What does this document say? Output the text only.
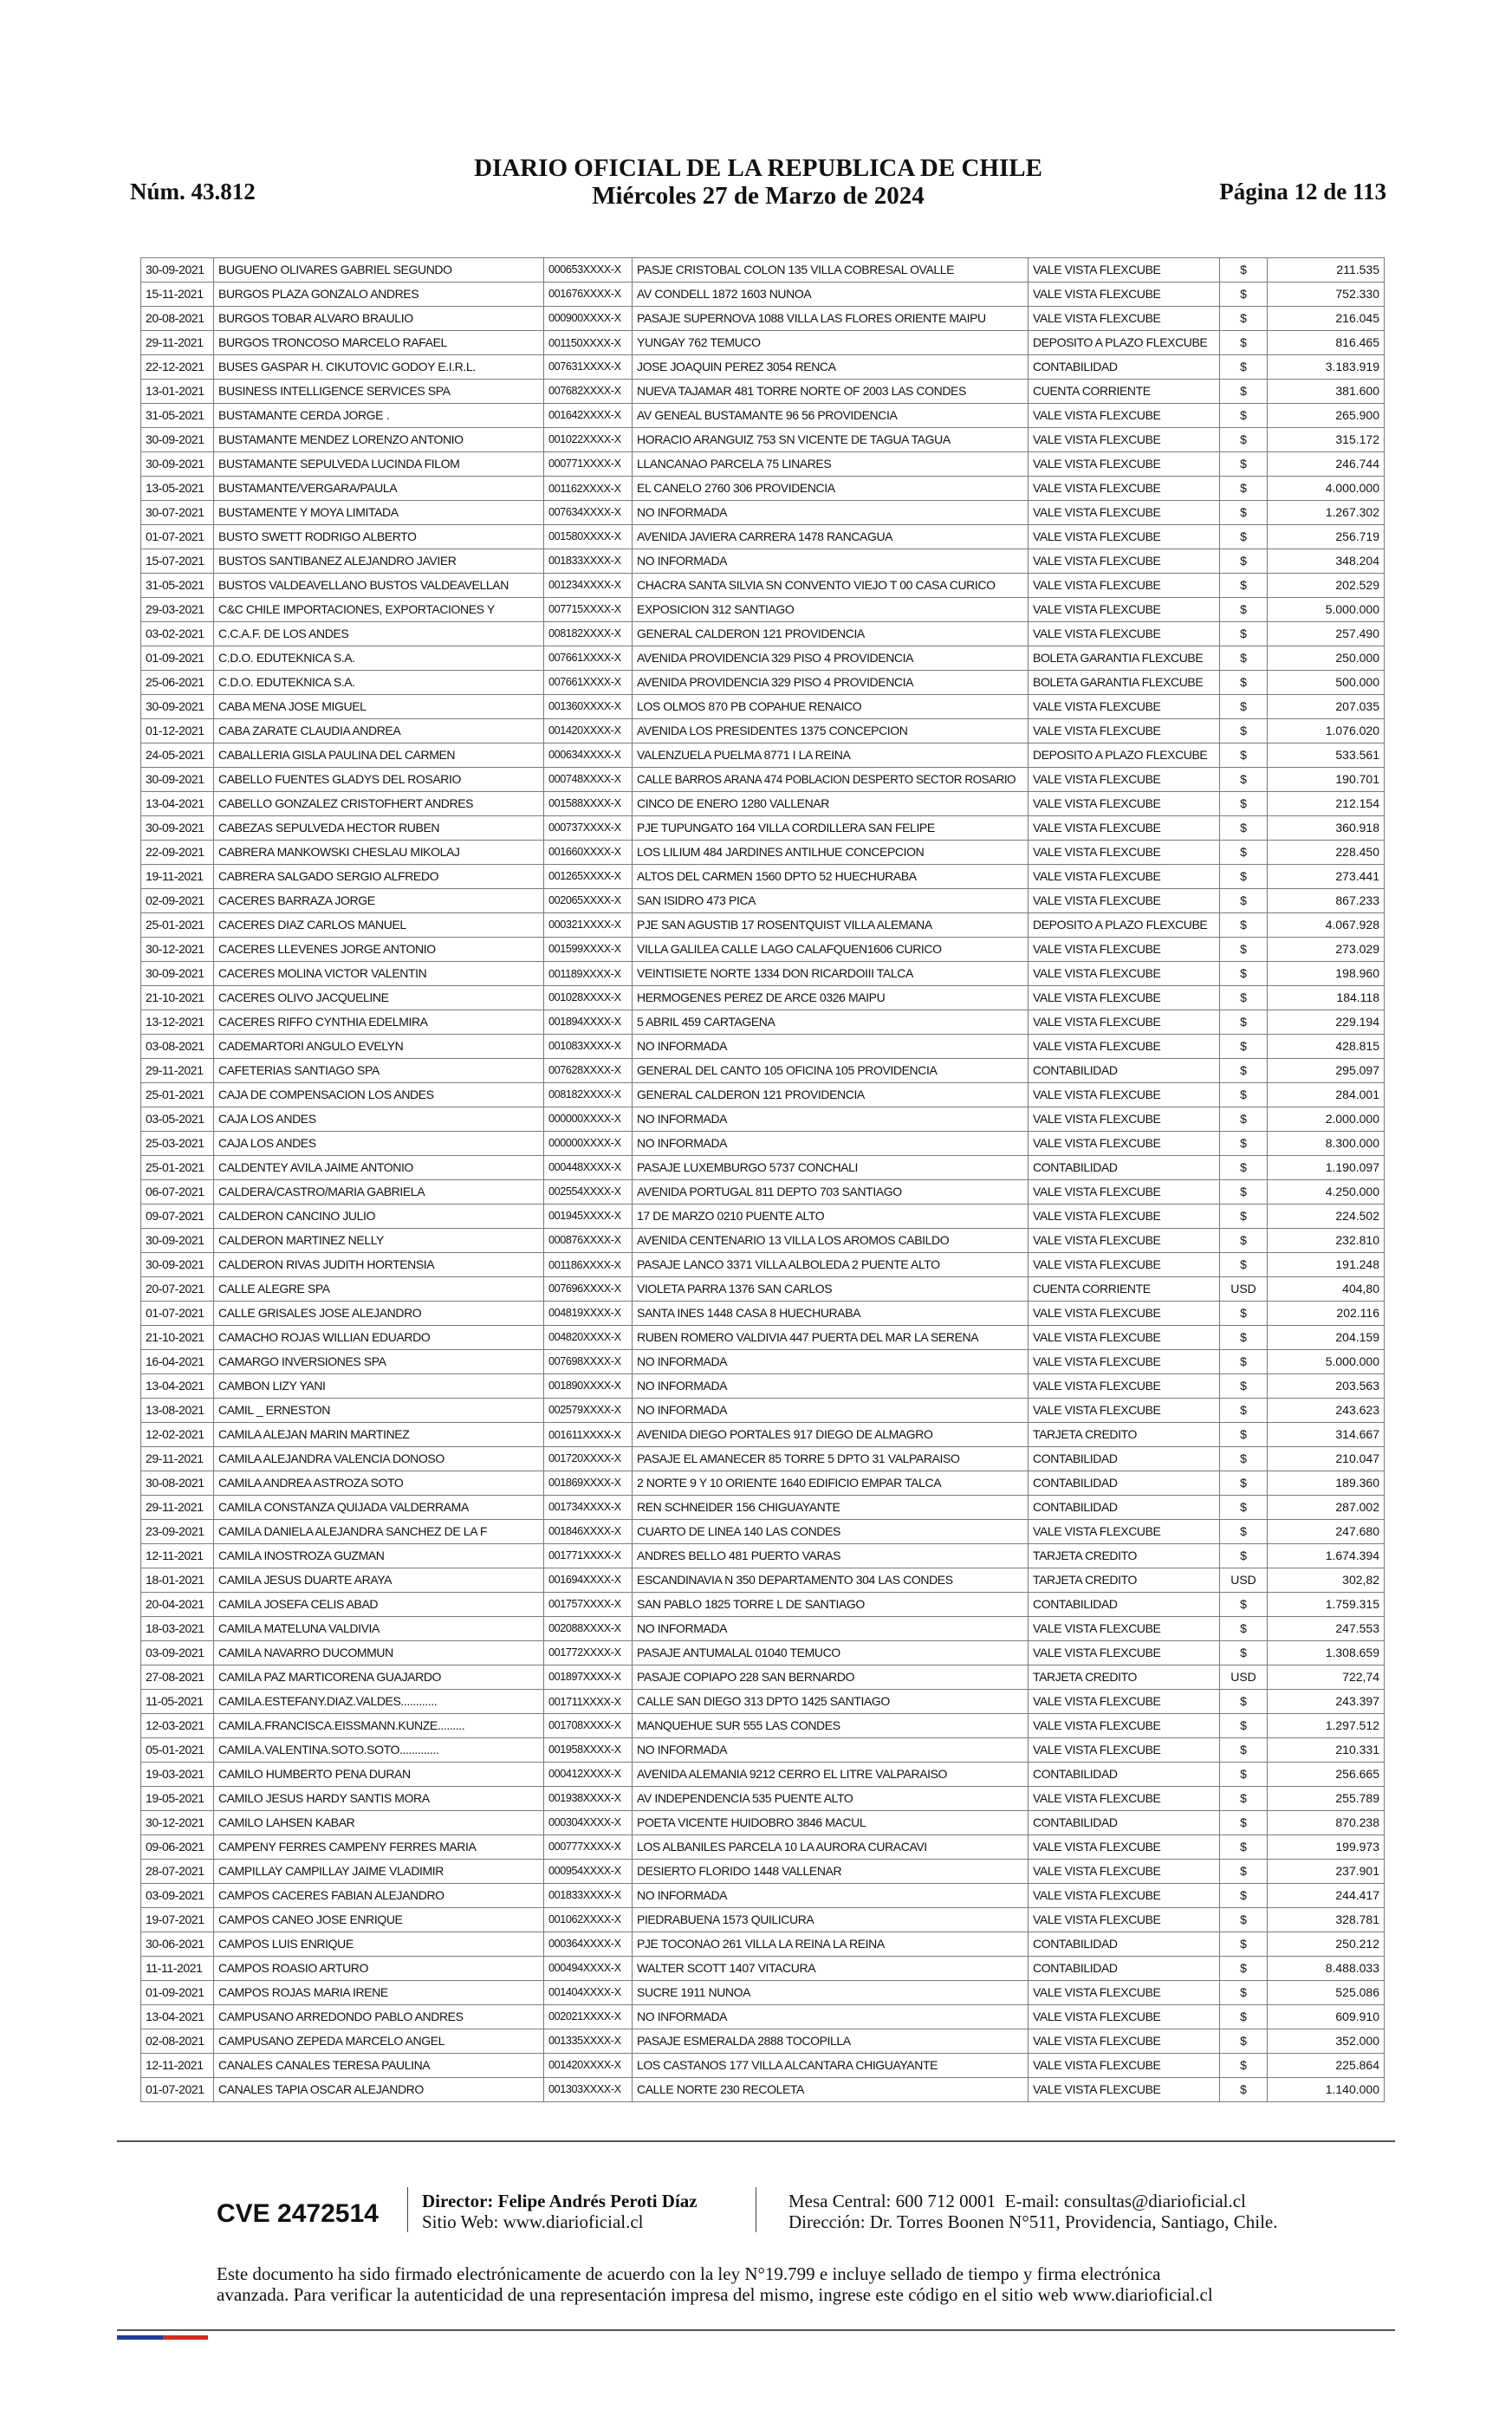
Núm. 43.812
DIARIO OFICIAL DE LA REPUBLICA DE CHILE
Miércoles 27 de Marzo de 2024	Página 12 de 113
30-09-2021	BUGUENO OLIVARES GABRIEL SEGUNDO	000653XXXX-X	PASJE CRISTOBAL COLON 135 VILLA COBRESAL OVALLE	VALE VISTA FLEXCUBE	$	211.535
15-11-2021	BURGOS PLAZA GONZALO ANDRES	001676XXXX-X	AV CONDELL 1872 1603 NUNOA	VALE VISTA FLEXCUBE	$	752.330
20-08-2021	BURGOS TOBAR ALVARO BRAULIO	000900XXXX-X	PASAJE SUPERNOVA 1088 VILLA LAS FLORES ORIENTE MAIPU	VALE VISTA FLEXCUBE	$	216.045
29-11-2021	BURGOS TRONCOSO MARCELO RAFAEL	001150XXXX-X	YUNGAY 762 TEMUCO	DEPOSITO A PLAZO FLEXCUBE	$	816.465
22-12-2021	BUSES GASPAR H. CIKUTOVIC GODOY E.I.R.L.	007631XXXX-X	JOSE JOAQUIN PEREZ 3054 RENCA	CONTABILIDAD	$	3.183.919
13-01-2021	BUSINESS INTELLIGENCE SERVICES SPA	007682XXXX-X	NUEVA TAJAMAR 481 TORRE NORTE OF 2003 LAS CONDES	CUENTA CORRIENTE	$	381.600
31-05-2021	BUSTAMANTE CERDA JORGE .	001642XXXX-X	AV GENEAL BUSTAMANTE 96 56 PROVIDENCIA	VALE VISTA FLEXCUBE	$	265.900
30-09-2021	BUSTAMANTE MENDEZ LORENZO ANTONIO	001022XXXX-X	HORACIO ARANGUIZ 753 SN VICENTE DE TAGUA TAGUA	VALE VISTA FLEXCUBE	$	315.172
30-09-2021	BUSTAMANTE SEPULVEDA LUCINDA FILOM	000771XXXX-X	LLANCANAO PARCELA 75 LINARES	VALE VISTA FLEXCUBE	$	246.744
13-05-2021	BUSTAMANTE/VERGARA/PAULA	001162XXXX-X	EL CANELO 2760 306 PROVIDENCIA	VALE VISTA FLEXCUBE	$	4.000.000
30-07-2021	BUSTAMENTE Y MOYA LIMITADA	007634XXXX-X	NO INFORMADA	VALE VISTA FLEXCUBE	$	1.267.302
01-07-2021	BUSTO SWETT RODRIGO ALBERTO	001580XXXX-X	AVENIDA JAVIERA CARRERA 1478 RANCAGUA	VALE VISTA FLEXCUBE	$	256.719
15-07-2021	BUSTOS SANTIBANEZ ALEJANDRO JAVIER	001833XXXX-X	NO INFORMADA	VALE VISTA FLEXCUBE	$	348.204
31-05-2021	BUSTOS VALDEAVELLANO BUSTOS VALDEAVELLAN	001234XXXX-X	CHACRA SANTA SILVIA SN CONVENTO VIEJO T 00 CASA CURICO	VALE VISTA FLEXCUBE	$	202.529
29-03-2021	C&C CHILE IMPORTACIONES, EXPORTACIONES Y	007715XXXX-X	EXPOSICION 312 SANTIAGO	VALE VISTA FLEXCUBE	$	5.000.000
03-02-2021	C.C.A.F. DE LOS ANDES	008182XXXX-X	GENERAL CALDERON 121 PROVIDENCIA	VALE VISTA FLEXCUBE	$	257.490
01-09-2021	C.D.O. EDUTEKNICA S.A.	007661XXXX-X	AVENIDA PROVIDENCIA 329 PISO 4 PROVIDENCIA	BOLETA GARANTIA FLEXCUBE	$	250.000
25-06-2021	C.D.O. EDUTEKNICA S.A.	007661XXXX-X	AVENIDA PROVIDENCIA 329 PISO 4 PROVIDENCIA	BOLETA GARANTIA FLEXCUBE	$	500.000
30-09-2021	CABA MENA JOSE MIGUEL	001360XXXX-X	LOS OLMOS 870 PB COPAHUE RENAICO	VALE VISTA FLEXCUBE	$	207.035
01-12-2021	CABA ZARATE CLAUDIA ANDREA	001420XXXX-X	AVENIDA LOS PRESIDENTES 1375 CONCEPCION	VALE VISTA FLEXCUBE	$	1.076.020
24-05-2021	CABALLERIA GISLA PAULINA DEL CARMEN	000634XXXX-X	VALENZUELA PUELMA 8771 I LA REINA	DEPOSITO A PLAZO FLEXCUBE	$	533.561
30-09-2021	CABELLO FUENTES GLADYS DEL ROSARIO	000748XXXX-X	CALLE BARROS ARANA 474 POBLACION DESPERTO SECTOR ROSARIO	VALE VISTA FLEXCUBE	$	190.701
13-04-2021	CABELLO GONZALEZ CRISTOFHERT ANDRES	001588XXXX-X	CINCO DE ENERO 1280 VALLENAR	VALE VISTA FLEXCUBE	$	212.154
30-09-2021	CABEZAS SEPULVEDA HECTOR RUBEN	000737XXXX-X	PJE TUPUNGATO 164 VILLA CORDILLERA SAN FELIPE	VALE VISTA FLEXCUBE	$	360.918
22-09-2021	CABRERA MANKOWSKI CHESLAU MIKOLAJ	001660XXXX-X	LOS LILIUM 484 JARDINES ANTILHUE CONCEPCION	VALE VISTA FLEXCUBE	$	228.450
19-11-2021	CABRERA SALGADO SERGIO ALFREDO	001265XXXX-X	ALTOS DEL CARMEN 1560 DPTO 52 HUECHURABA	VALE VISTA FLEXCUBE	$	273.441
02-09-2021	CACERES BARRAZA JORGE	002065XXXX-X	SAN ISIDRO 473 PICA	VALE VISTA FLEXCUBE	$	867.233
25-01-2021	CACERES DIAZ CARLOS MANUEL	000321XXXX-X	PJE SAN AGUSTIB 17 ROSENTQUIST VILLA ALEMANA	DEPOSITO A PLAZO FLEXCUBE	$	4.067.928
30-12-2021	CACERES LLEVENES JORGE ANTONIO	001599XXXX-X	VILLA GALILEA CALLE LAGO CALAFQUEN1606 CURICO	VALE VISTA FLEXCUBE	$	273.029
30-09-2021	CACERES MOLINA VICTOR VALENTIN	001189XXXX-X	VEINTISIETE NORTE 1334 DON RICARDOIII TALCA	VALE VISTA FLEXCUBE	$	198.960
21-10-2021	CACERES OLIVO JACQUELINE	001028XXXX-X	HERMOGENES PEREZ DE ARCE 0326 MAIPU	VALE VISTA FLEXCUBE	$	184.118
13-12-2021	CACERES RIFFO CYNTHIA EDELMIRA	001894XXXX-X	5 ABRIL 459 CARTAGENA	VALE VISTA FLEXCUBE	$	229.194
03-08-2021	CADEMARTORI ANGULO EVELYN	001083XXXX-X	NO INFORMADA	VALE VISTA FLEXCUBE	$	428.815
29-11-2021	CAFETERIAS SANTIAGO SPA	007628XXXX-X	GENERAL DEL CANTO 105 OFICINA 105 PROVIDENCIA	CONTABILIDAD	$	295.097
25-01-2021	CAJA DE COMPENSACION LOS ANDES	008182XXXX-X	GENERAL CALDERON 121 PROVIDENCIA	VALE VISTA FLEXCUBE	$	284.001
03-05-2021	CAJA LOS ANDES	000000XXXX-X	NO INFORMADA	VALE VISTA FLEXCUBE	$	2.000.000
25-03-2021	CAJA LOS ANDES	000000XXXX-X	NO INFORMADA	VALE VISTA FLEXCUBE	$	8.300.000
25-01-2021	CALDENTEY AVILA JAIME ANTONIO	000448XXXX-X	PASAJE LUXEMBURGO 5737 CONCHALI	CONTABILIDAD	$	1.190.097
06-07-2021	CALDERA/CASTRO/MARIA GABRIELA	002554XXXX-X	AVENIDA PORTUGAL 811 DEPTO 703 SANTIAGO	VALE VISTA FLEXCUBE	$	4.250.000
09-07-2021	CALDERON CANCINO JULIO	001945XXXX-X	17 DE MARZO 0210 PUENTE ALTO	VALE VISTA FLEXCUBE	$	224.502
30-09-2021	CALDERON MARTINEZ NELLY	000876XXXX-X	AVENIDA CENTENARIO 13 VILLA LOS AROMOS CABILDO	VALE VISTA FLEXCUBE	$	232.810
30-09-2021	CALDERON RIVAS JUDITH HORTENSIA	001186XXXX-X	PASAJE LANCO 3371 VILLA ALBOLEDA 2 PUENTE ALTO	VALE VISTA FLEXCUBE	$	191.248
20-07-2021	CALLE ALEGRE SPA	007696XXXX-X	VIOLETA PARRA 1376 SAN CARLOS	CUENTA CORRIENTE	USD	404,80
01-07-2021	CALLE GRISALES JOSE ALEJANDRO	004819XXXX-X	SANTA INES 1448 CASA 8 HUECHURABA	VALE VISTA FLEXCUBE	$	202.116
21-10-2021	CAMACHO ROJAS WILLIAN EDUARDO	004820XXXX-X	RUBEN ROMERO VALDIVIA 447 PUERTA DEL MAR LA SERENA	VALE VISTA FLEXCUBE	$	204.159
16-04-2021	CAMARGO INVERSIONES SPA	007698XXXX-X	NO INFORMADA	VALE VISTA FLEXCUBE	$	5.000.000
13-04-2021	CAMBON LIZY YANI	001890XXXX-X	NO INFORMADA	VALE VISTA FLEXCUBE	$	203.563
13-08-2021	CAMIL _ ERNESTON	002579XXXX-X	NO INFORMADA	VALE VISTA FLEXCUBE	$	243.623
12-02-2021	CAMILA ALEJAN MARIN MARTINEZ	001611XXXX-X	AVENIDA DIEGO PORTALES 917 DIEGO DE ALMAGRO	TARJETA CREDITO	$	314.667
29-11-2021	CAMILA ALEJANDRA VALENCIA DONOSO	001720XXXX-X	PASAJE EL AMANECER 85 TORRE 5 DPTO 31 VALPARAISO	CONTABILIDAD	$	210.047
30-08-2021	CAMILA ANDREA ASTROZA SOTO	001869XXXX-X	2 NORTE 9 Y 10 ORIENTE 1640 EDIFICIO EMPAR TALCA	CONTABILIDAD	$	189.360
29-11-2021	CAMILA CONSTANZA QUIJADA VALDERRAMA	001734XXXX-X	REN SCHNEIDER 156 CHIGUAYANTE	CONTABILIDAD	$	287.002
23-09-2021	CAMILA DANIELA ALEJANDRA SANCHEZ DE LA F	001846XXXX-X	CUARTO DE LINEA 140 LAS CONDES	VALE VISTA FLEXCUBE	$	247.680
12-11-2021	CAMILA INOSTROZA GUZMAN	001771XXXX-X	ANDRES BELLO 481 PUERTO VARAS	TARJETA CREDITO	$	1.674.394
18-01-2021	CAMILA JESUS DUARTE ARAYA	001694XXXX-X	ESCANDINAVIA N 350 DEPARTAMENTO 304 LAS CONDES	TARJETA CREDITO	USD	302,82
20-04-2021	CAMILA JOSEFA CELIS ABAD	001757XXXX-X	SAN PABLO 1825 TORRE L DE SANTIAGO	CONTABILIDAD	$	1.759.315
18-03-2021	CAMILA MATELUNA VALDIVIA	002088XXXX-X	NO INFORMADA	VALE VISTA FLEXCUBE	$	247.553
03-09-2021	CAMILA NAVARRO DUCOMMUN	001772XXXX-X	PASAJE ANTUMALAL 01040 TEMUCO	VALE VISTA FLEXCUBE	$	1.308.659
27-08-2021	CAMILA PAZ MARTICORENA GUAJARDO	001897XXXX-X	PASAJE COPIAPO 228 SAN BERNARDO	TARJETA CREDITO	USD	722,74
11-05-2021	CAMILA.ESTEFANY.DIAZ.VALDES............	001711XXXX-X	CALLE SAN DIEGO 313 DPTO 1425 SANTIAGO	VALE VISTA FLEXCUBE	$	243.397
12-03-2021	CAMILA.FRANCISCA.EISSMANN.KUNZE.........	001708XXXX-X	MANQUEHUE SUR 555 LAS CONDES	VALE VISTA FLEXCUBE	$	1.297.512
05-01-2021	CAMILA.VALENTINA.SOTO.SOTO.............	001958XXXX-X	NO INFORMADA	VALE VISTA FLEXCUBE	$	210.331
19-03-2021	CAMILO HUMBERTO PENA DURAN	000412XXXX-X	AVENIDA ALEMANIA 9212 CERRO EL LITRE VALPARAISO	CONTABILIDAD	$	256.665
19-05-2021	CAMILO JESUS HARDY SANTIS MORA	001938XXXX-X	AV INDEPENDENCIA 535 PUENTE ALTO	VALE VISTA FLEXCUBE	$	255.789
30-12-2021	CAMILO LAHSEN KABAR	000304XXXX-X	POETA VICENTE HUIDOBRO 3846 MACUL	CONTABILIDAD	$	870.238
09-06-2021	CAMPENY FERRES CAMPENY FERRES MARIA	000777XXXX-X	LOS ALBANILES PARCELA 10 LA AURORA CURACAVI	VALE VISTA FLEXCUBE	$	199.973
28-07-2021	CAMPILLAY CAMPILLAY JAIME VLADIMIR	000954XXXX-X	DESIERTO FLORIDO 1448 VALLENAR	VALE VISTA FLEXCUBE	$	237.901
03-09-2021	CAMPOS CACERES FABIAN ALEJANDRO	001833XXXX-X	NO INFORMADA	VALE VISTA FLEXCUBE	$	244.417
19-07-2021	CAMPOS CANEO JOSE ENRIQUE	001062XXXX-X	PIEDRABUENA 1573 QUILICURA	VALE VISTA FLEXCUBE	$	328.781
30-06-2021	CAMPOS LUIS ENRIQUE	000364XXXX-X	PJE TOCONAO 261 VILLA LA REINA LA REINA	CONTABILIDAD	$	250.212
11-11-2021	CAMPOS ROASIO ARTURO	000494XXXX-X	WALTER SCOTT 1407 VITACURA	CONTABILIDAD	$	8.488.033
01-09-2021	CAMPOS ROJAS MARIA IRENE	001404XXXX-X	SUCRE 1911 NUNOA	VALE VISTA FLEXCUBE	$	525.086
13-04-2021	CAMPUSANO ARREDONDO PABLO ANDRES	002021XXXX-X	NO INFORMADA	VALE VISTA FLEXCUBE	$	609.910
02-08-2021	CAMPUSANO ZEPEDA MARCELO ANGEL	001335XXXX-X	PASAJE ESMERALDA 2888 TOCOPILLA	VALE VISTA FLEXCUBE	$	352.000
12-11-2021	CANALES CANALES TERESA PAULINA	001420XXXX-X	LOS CASTANOS 177 VILLA ALCANTARA CHIGUAYANTE	VALE VISTA FLEXCUBE	$	225.864
01-07-2021	CANALES TAPIA OSCAR ALEJANDRO	001303XXXX-X	CALLE NORTE 230 RECOLETA	VALE VISTA FLEXCUBE	$	1.140.000
CVE 2472514 Director: Felipe Andrés Peroti Díaz
Sitio Web: www.diarioficial.cl
Mesa Central: 600 712 0001 E-mail: consultas@diarioficial.cl
Dirección: Dr. Torres Boonen N°511, Providencia, Santiago, Chile.
Este documento ha sido firmado electrónicamente de acuerdo con la ley N°19.799 e incluye sellado de tiempo y firma electrónica
avanzada. Para verificar la autenticidad de una representación impresa del mismo, ingrese este código en el sitio web www.diarioficial.cl
